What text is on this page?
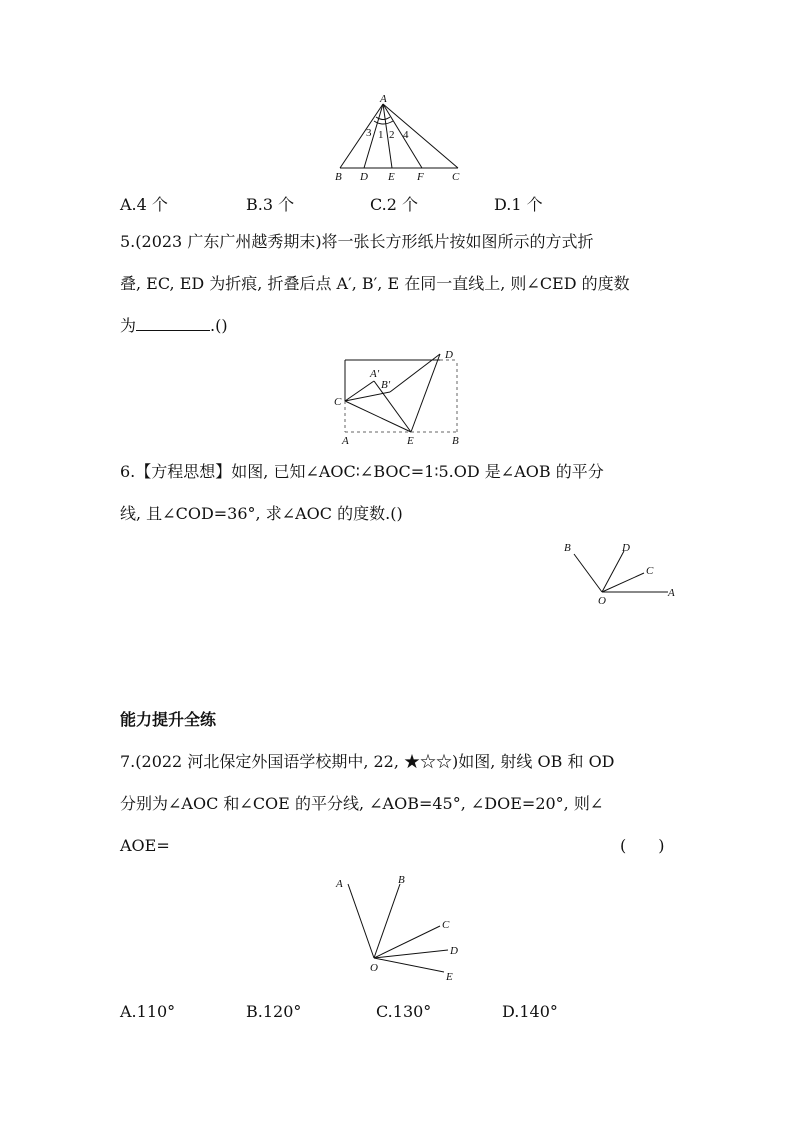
A
3 1 2 4
B D E F	C
A.4 个	B.3 个	C.2 个	D.1 个
5.(2023 广东广州越秀期末)将一张长方形纸片按如图所示的方式折
叠, EC, ED 为折痕, 折叠后点 A′, B′, E 在同一直线上, 则∠CED 的度数
为	.()
D
A′
B′
C
A	E	B
6.【方程思想】如图, 已知∠AOC∶∠BOC=1∶5.OD 是∠AOB 的平分
线, 且∠COD=36°, 求∠AOC 的度数.()
B	D
C
A
O
能力提升全练
7.(2022 河北保定外国语学校期中, 22, ★☆☆)如图, 射线 OB 和 OD
分别为∠AOC 和∠COE 的平分线, ∠AOB=45°, ∠DOE=20°, 则∠
AOE=	(　　)
A	B
C
D
E
O
A.110°	B.120°	C.130°	D.140°
